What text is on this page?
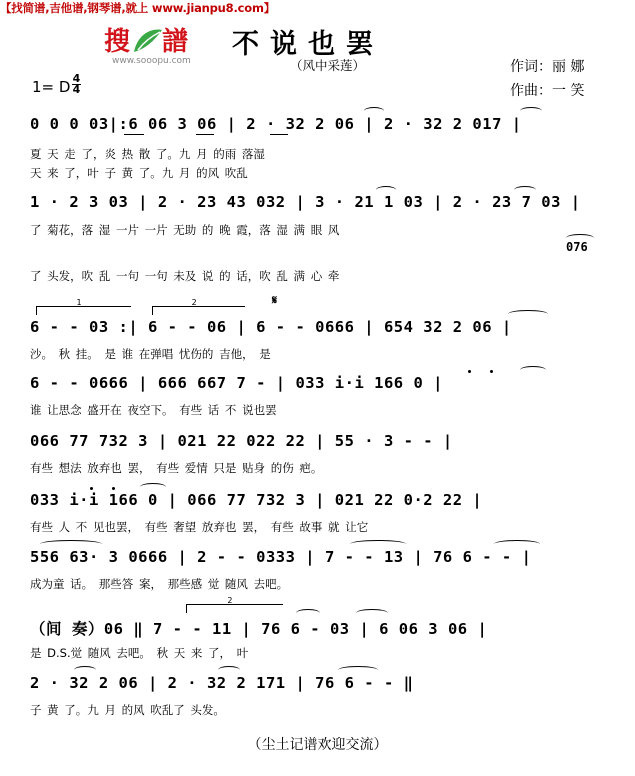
【找简谱,吉他谱,钢琴谱,就上 www.jianpu8.com】
搜 譜
www.sooopu.com
不说也罢
（风中采莲）	作词：丽 娜
作曲：一 笑
1= D 4
4
0 0 0 03|:6 06 3 06 | 2 · 32 2 06 | 2 · 32 2 017 |
夏 天 走 了，炎 热 散 了。九 月 的雨 落湿
天 来 了，叶 子 黄 了。九 月 的风 吹乱
1 · 2 3 03 | 2 · 23 43 032 | 3 · 21 1 03 | 2 · 23 7 03 |
了 菊花，落 湿 一片 一片 无助 的 晚 霞，落 湿 满 眼 风
076
了 头发，吹 乱 一句 一句 未及 说 的 话，吹 乱 满 心 牵
1	2	𝄋
6 - - 03 :| 6 - - 06 | 6 - - 0666 | 654 32 2 06 |
沙。 秋 挂。 是 谁 在弹唱 忧伤的 吉他， 是
6 - - 0666 | 666 667 7 - | 033 i·i 166 0 |
谁 让思念 盛开在 夜空下。 有些 话 不 说也罢
066 77 732 3 | 021 22 022 22 | 55 · 3 - - |
有些 想法 放弃也 罢， 有些 爱情 只是 贴身 的伤 疤。
033 i·i 166 0 | 066 77 732 3 | 021 22 0·2 22 |
有些 人 不 见也罢， 有些 奢望 放弃也 罢， 有些 故事 就 让它
556 63· 3 0666 | 2 - - 0333 | 7 - - 13 | 76 6 - - |
成为童 话。 那些答 案， 那些感 觉 随风 去吧。
2
（间 奏）06 ‖ 7 - - 11 | 76 6 - 03 | 6 06 3 06 |
是 D.S.觉 随风 去吧。 秋 天 来 了， 叶
2 · 32 2 06 | 2 · 32 2 171 | 76 6 - - ‖
子 黄 了。九 月 的风 吹乱了 头发。
（尘土记谱欢迎交流）
